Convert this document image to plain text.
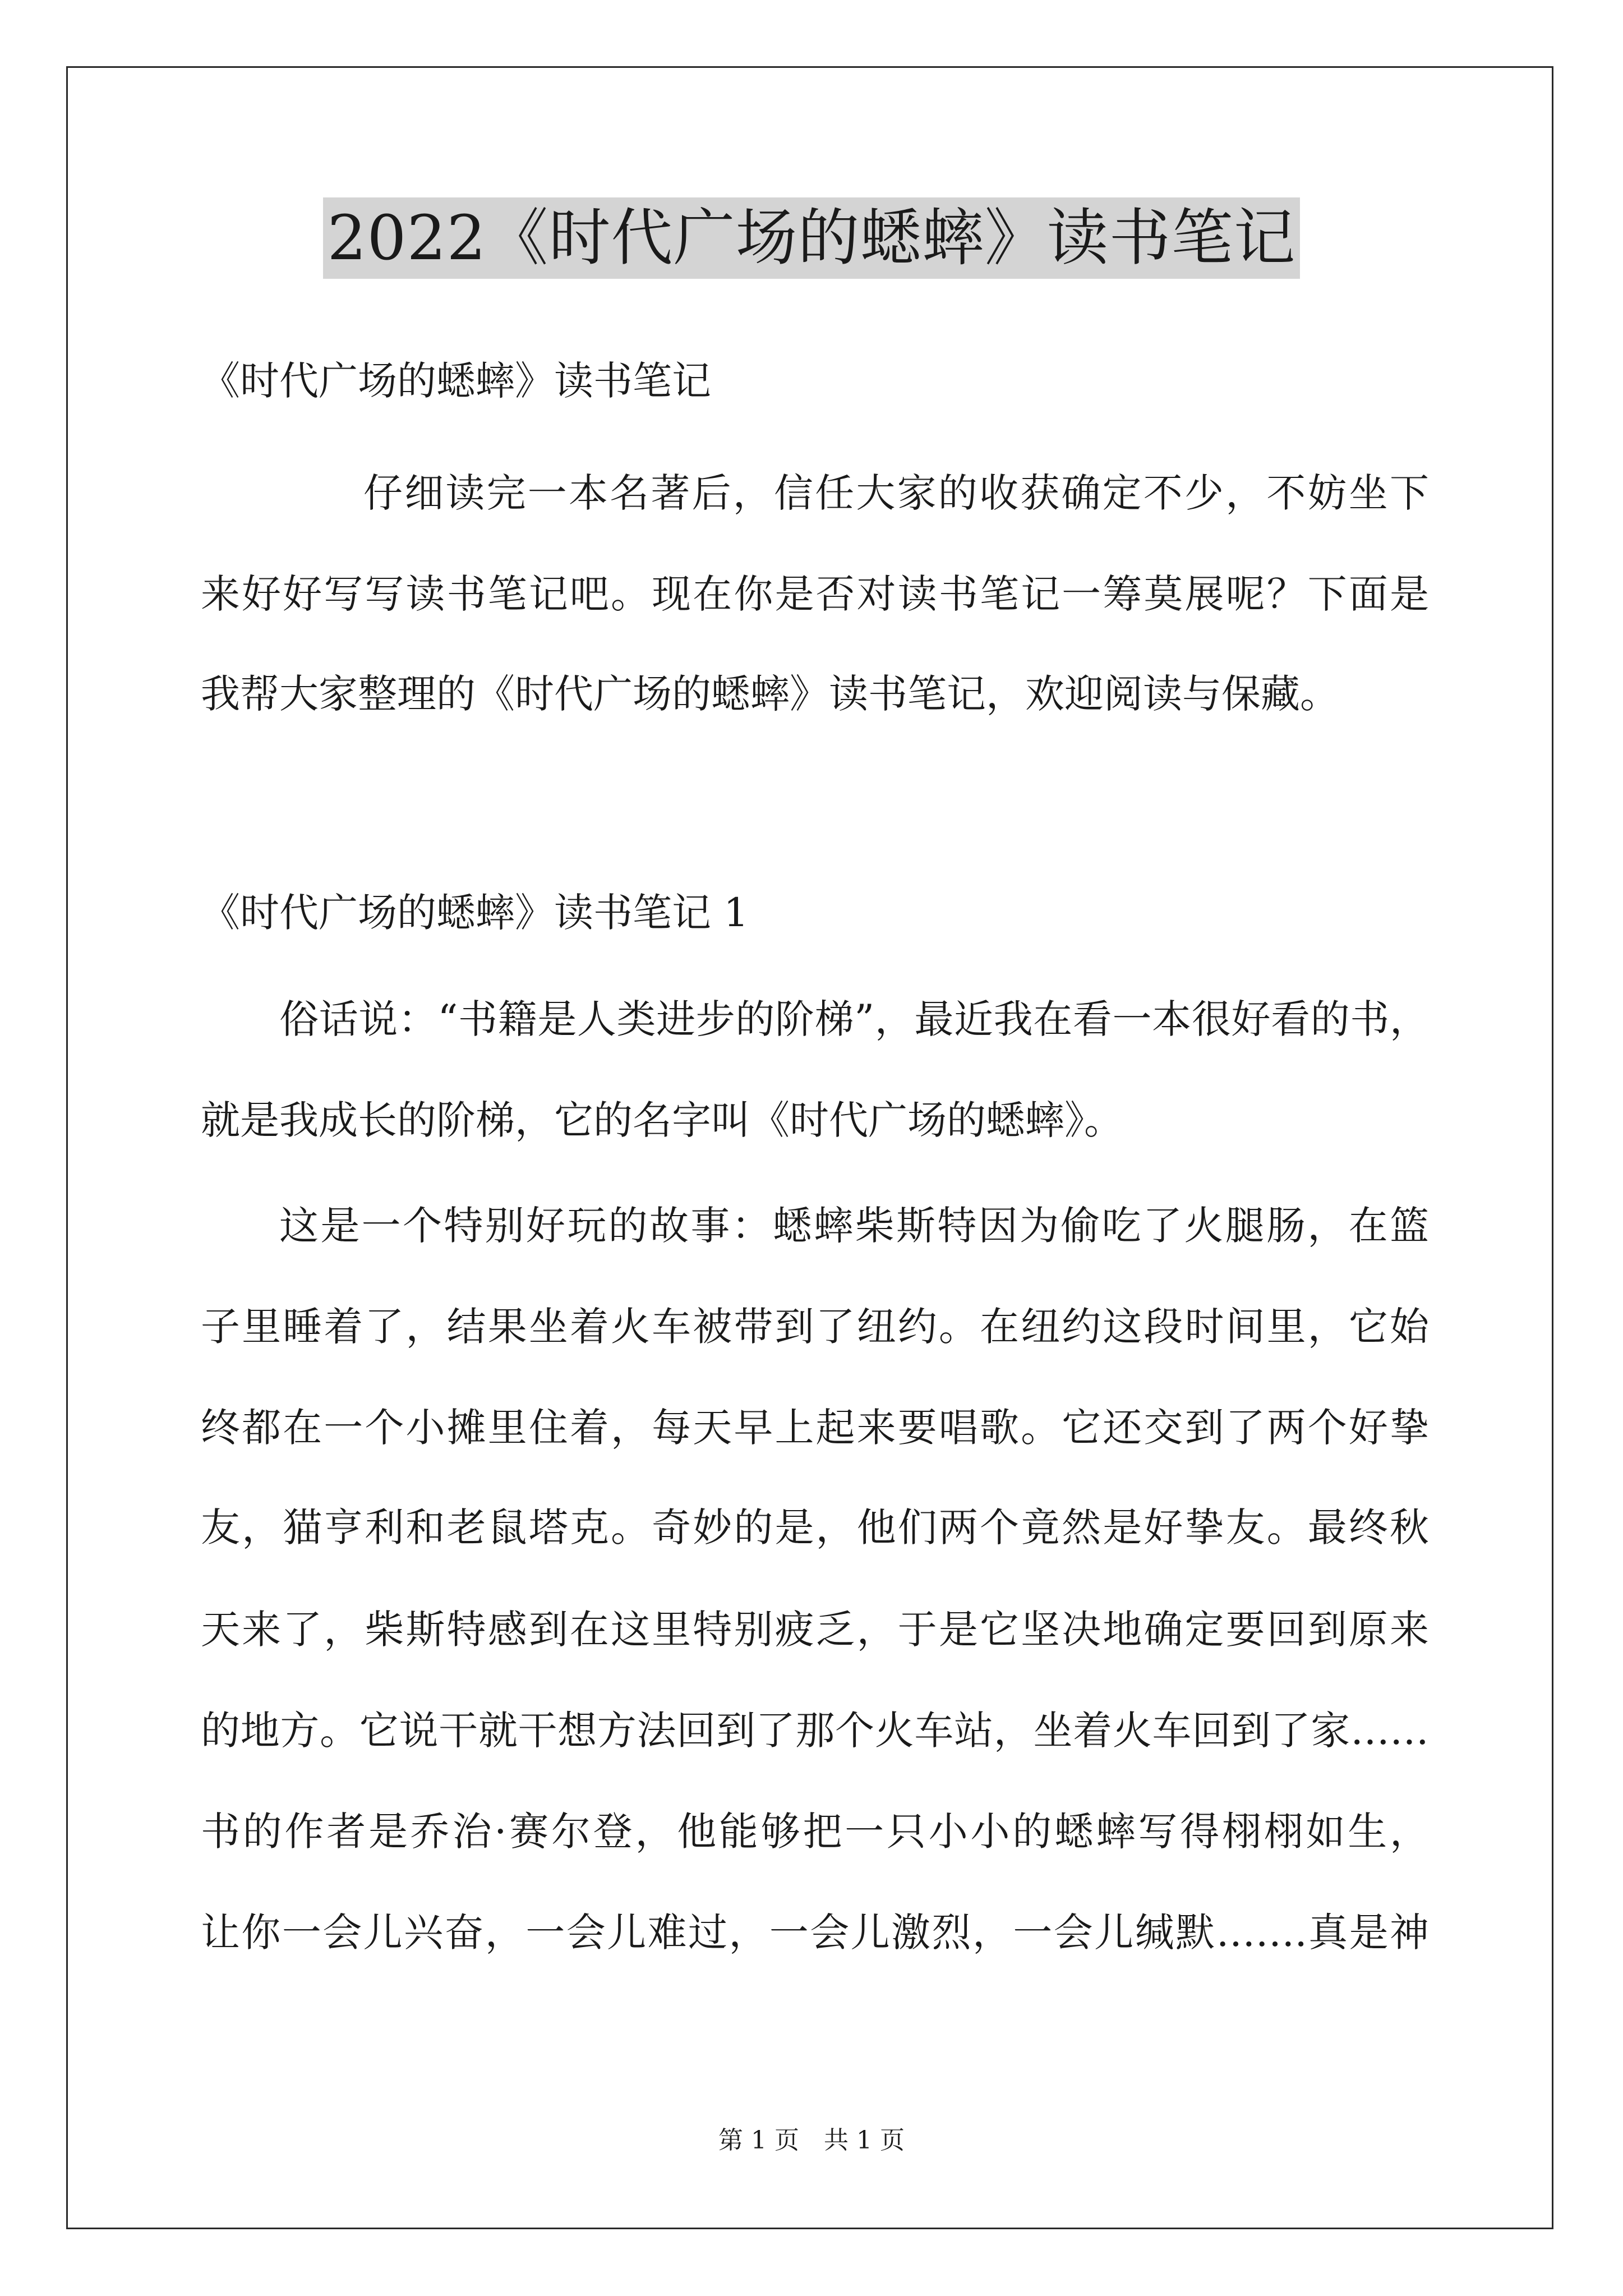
2022《时代广场的蟋蟀》读书笔记
《时代广场的蟋蟀》读书笔记
仔细读完一本名著后，信任大家的收获确定不少，不妨坐下
来好好写写读书笔记吧。现在你是否对读书笔记一筹莫展呢？下面是
我帮大家整理的《时代广场的蟋蟀》读书笔记，欢迎阅读与保藏。
《时代广场的蟋蟀》读书笔记 1
俗话说：“书籍是人类进步的阶梯”，最近我在看一本很好看的书，
就是我成长的阶梯，它的名字叫《时代广场的蟋蟀》。
这是一个特别好玩的故事：蟋蟀柴斯特因为偷吃了火腿肠，在篮
子里睡着了，结果坐着火车被带到了纽约。在纽约这段时间里，它始
终都在一个小摊里住着，每天早上起来要唱歌。它还交到了两个好挚
友，猫亨利和老鼠塔克。奇妙的是，他们两个竟然是好挚友。最终秋
天来了，柴斯特感到在这里特别疲乏，于是它坚决地确定要回到原来
的地方。它说干就干想方法回到了那个火车站，坐着火车回到了家……
书的作者是乔治·赛尔登，他能够把一只小小的蟋蟀写得栩栩如生，
让你一会儿兴奋，一会儿难过，一会儿激烈，一会儿缄默…….真是神
第 1 页　共 1 页
